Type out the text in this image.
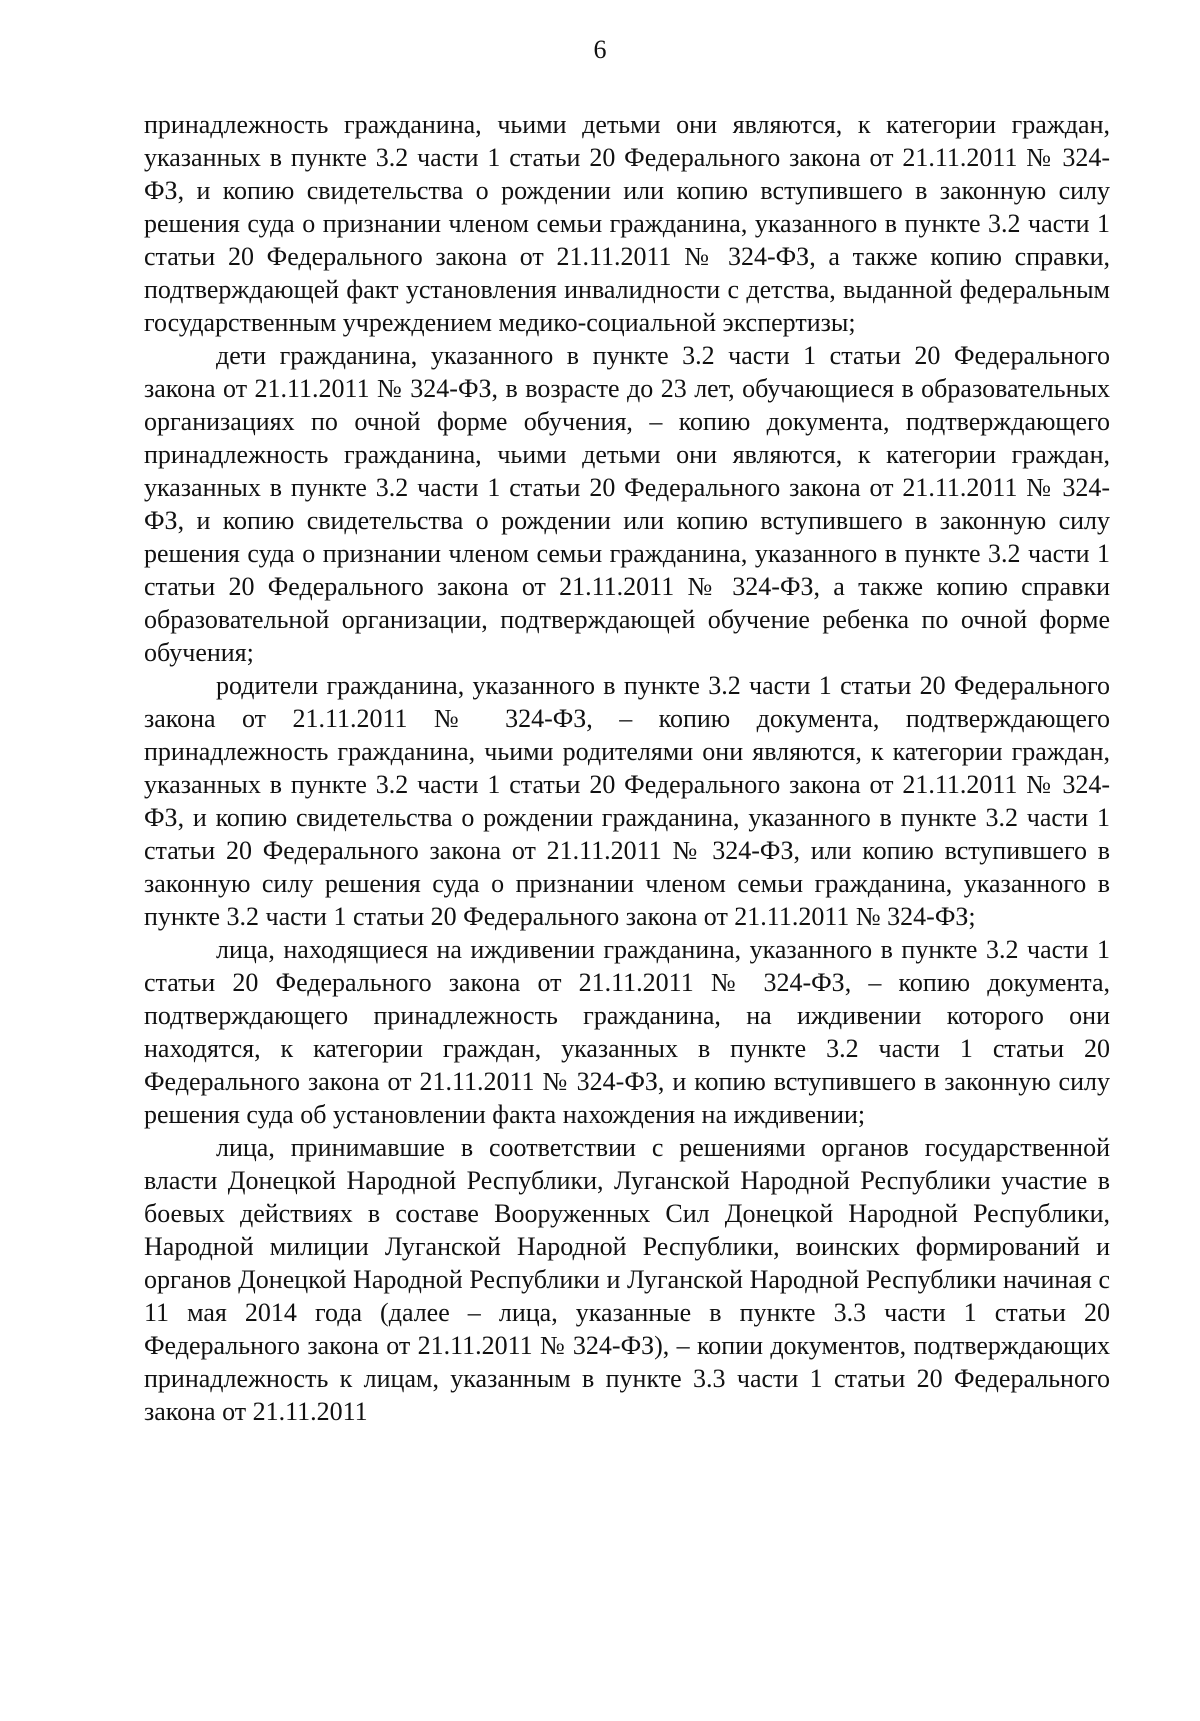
6

принадлежность гражданина, чьими детьми они являются, к категории граждан, указанных в пункте 3.2 части 1 статьи 20 Федерального закона от 21.11.2011 № 324-ФЗ, и копию свидетельства о рождении или копию вступившего в законную силу решения суда о признании членом семьи гражданина, указанного в пункте 3.2 части 1 статьи 20 Федерального закона от 21.11.2011 № 324-ФЗ, а также копию справки, подтверждающей факт установления инвалидности с детства, выданной федеральным государственным учреждением медико-социальной экспертизы;

дети гражданина, указанного в пункте 3.2 части 1 статьи 20 Федерального закона от 21.11.2011 № 324-ФЗ, в возрасте до 23 лет, обучающиеся в образовательных организациях по очной форме обучения, – копию документа, подтверждающего принадлежность гражданина, чьими детьми они являются, к категории граждан, указанных в пункте 3.2 части 1 статьи 20 Федерального закона от 21.11.2011 № 324-ФЗ, и копию свидетельства о рождении или копию вступившего в законную силу решения суда о признании членом семьи гражданина, указанного в пункте 3.2 части 1 статьи 20 Федерального закона от 21.11.2011 № 324-ФЗ, а также копию справки образовательной организации, подтверждающей обучение ребенка по очной форме обучения;

родители гражданина, указанного в пункте 3.2 части 1 статьи 20 Федерального закона от 21.11.2011 № 324-ФЗ, – копию документа, подтверждающего принадлежность гражданина, чьими родителями они являются, к категории граждан, указанных в пункте 3.2 части 1 статьи 20 Федерального закона от 21.11.2011 № 324-ФЗ, и копию свидетельства о рождении гражданина, указанного в пункте 3.2 части 1 статьи 20 Федерального закона от 21.11.2011 № 324-ФЗ, или копию вступившего в законную силу решения суда о признании членом семьи гражданина, указанного в пункте 3.2 части 1 статьи 20 Федерального закона от 21.11.2011 № 324-ФЗ;

лица, находящиеся на иждивении гражданина, указанного в пункте 3.2 части 1 статьи 20 Федерального закона от 21.11.2011 № 324-ФЗ, – копию документа, подтверждающего принадлежность гражданина, на иждивении которого они находятся, к категории граждан, указанных в пункте 3.2 части 1 статьи 20 Федерального закона от 21.11.2011 № 324-ФЗ, и копию вступившего в законную силу решения суда об установлении факта нахождения на иждивении;

лица, принимавшие в соответствии с решениями органов государственной власти Донецкой Народной Республики, Луганской Народной Республики участие в боевых действиях в составе Вооруженных Сил Донецкой Народной Республики, Народной милиции Луганской Народной Республики, воинских формирований и органов Донецкой Народной Республики и Луганской Народной Республики начиная с 11 мая 2014 года (далее – лица, указанные в пункте 3.3 части 1 статьи 20 Федерального закона от 21.11.2011 № 324-ФЗ), – копии документов, подтверждающих принадлежность к лицам, указанным в пункте 3.3 части 1 статьи 20 Федерального закона от 21.11.2011
